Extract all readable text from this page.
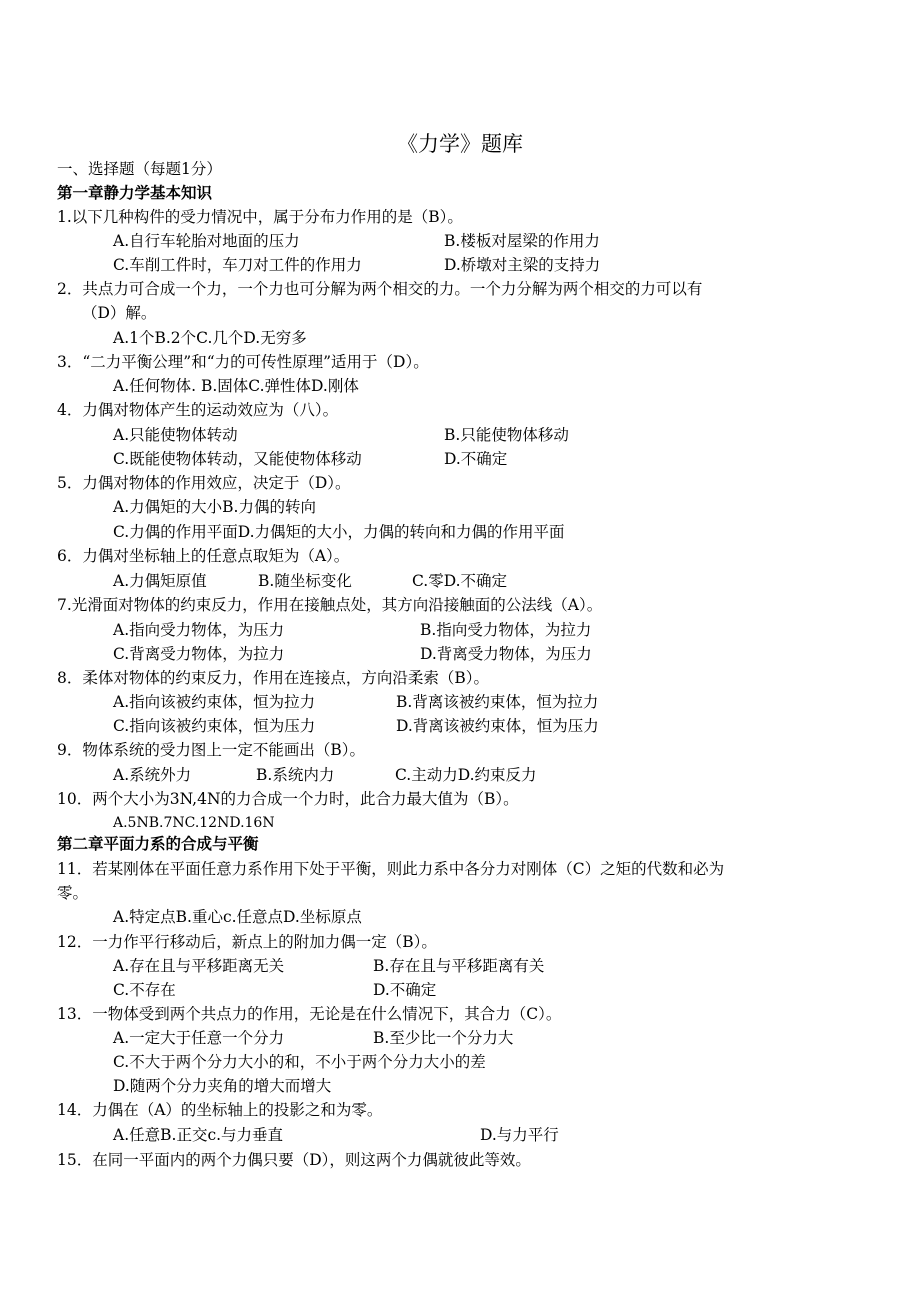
《力学》题库
一、选择题（每题1分）
第一章静力学基本知识
1.以下几种构件的受力情况中，属于分布力作用的是（B）。
A.自行车轮胎对地面的压力	B.楼板对屋梁的作用力
C.车削工件时，车刀对工件的作用力	D.桥墩对主梁的支持力
2．共点力可合成一个力，一个力也可分解为两个相交的力。一个力分解为两个相交的力可以有
（D）解。
A.1个B.2个C.几个D.无穷多
3．“二力平衡公理”和“力的可传性原理”适用于（D）。
A.任何物体. B.固体C.弹性体D.刚体
4．力偶对物体产生的运动效应为（八）。
A.只能使物体转动	B.只能使物体移动
C.既能使物体转动，又能使物体移动	D.不确定
5．力偶对物体的作用效应，决定于（D）。
A.力偶矩的大小B.力偶的转向
C.力偶的作用平面D.力偶矩的大小，力偶的转向和力偶的作用平面
6．力偶对坐标轴上的任意点取矩为（A）。
A.力偶矩原值	B.随坐标变化	C.零D.不确定
7.光滑面对物体的约束反力，作用在接触点处，其方向沿接触面的公法线（A）。
A.指向受力物体，为压力	B.指向受力物体，为拉力
C.背离受力物体，为拉力	D.背离受力物体，为压力
8．柔体对物体的约束反力，作用在连接点，方向沿柔索（B）。
A.指向该被约束体，恒为拉力	B.背离该被约束体，恒为拉力
C.指向该被约束体，恒为压力	D.背离该被约束体，恒为压力
9．物体系统的受力图上一定不能画出（B）。
A.系统外力	B.系统内力	C.主动力D.约束反力
10．两个大小为3N,4N的力合成一个力时，此合力最大值为（B）。
A.5NB.7NC.12ND.16N
第二章平面力系的合成与平衡
11．若某刚体在平面任意力系作用下处于平衡，则此力系中各分力对刚体（C）之矩的代数和必为
零。
A.特定点B.重心c.任意点D.坐标原点
12．一力作平行移动后，新点上的附加力偶一定（B）。
A.存在且与平移距离无关	B.存在且与平移距离有关
C.不存在	D.不确定
13．一物体受到两个共点力的作用，无论是在什么情况下，其合力（C）。
A.一定大于任意一个分力	B.至少比一个分力大
C.不大于两个分力大小的和，不小于两个分力大小的差
D.随两个分力夹角的增大而增大
14．力偶在（A）的坐标轴上的投影之和为零。
A.任意B.正交c.与力垂直	D.与力平行
15．在同一平面内的两个力偶只要（D），则这两个力偶就彼此等效。
